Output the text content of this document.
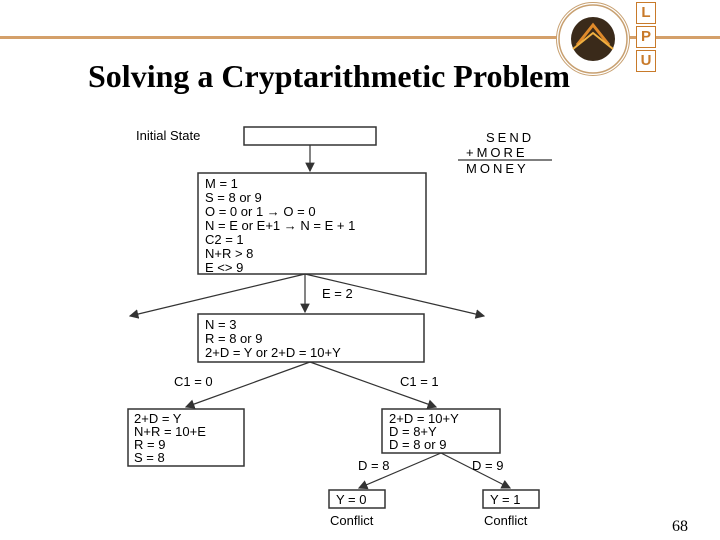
L
P
U
Solving a Cryptarithmetic Problem
Initial State	SEND
+MORE
MONEY
M = 1
S = 8 or 9
O = 0 or 1 → O = 0
N = E or E+1 → N = E + 1
C2 = 1
N+R > 8
E <> 9
E = 2
N = 3
R = 8 or 9
2+D = Y or 2+D = 10+Y
C1 = 0	C1 = 1
2+D = Y
N+R = 10+E
R = 9
S = 8
2+D = 10+Y
D = 8+Y
D = 8 or 9
D = 8	D = 9
Y = 0
Conflict
Y = 1
Conflict	68
